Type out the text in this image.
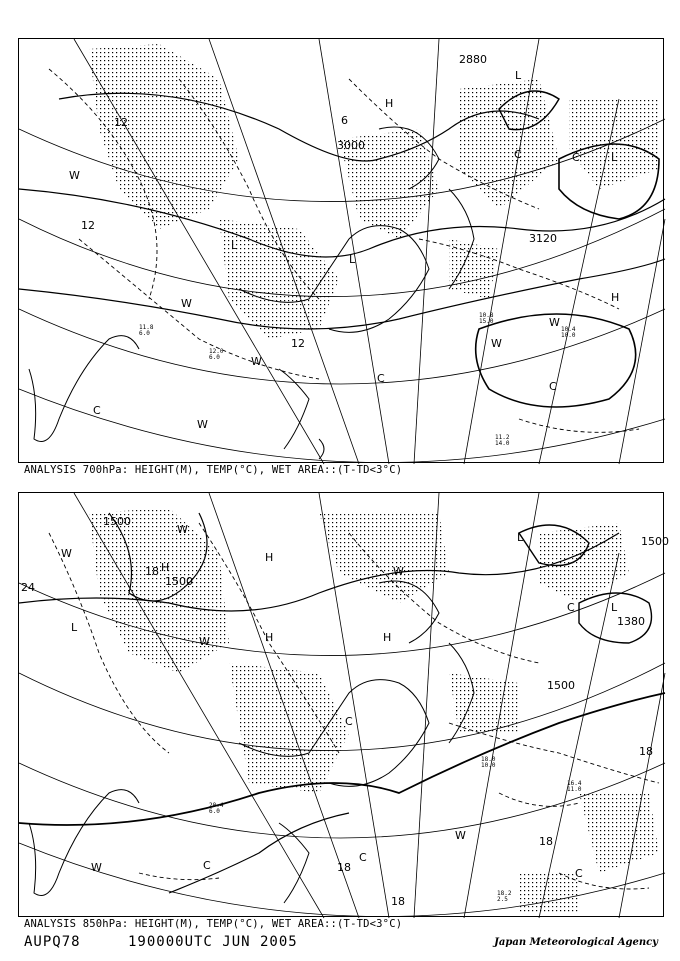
3000
2880
3120
12
12
6
12
L
L
L
L
W
W
W
W
W
W
C
C
C
C	C
H
H
11.2 14.0
10.8 15.0
10.4 10.0
11.8 6.0
12.0 6.0
ANALYSIS 700hPa: HEIGHT(M), TEMP(°C), WET AREA::(T-TD<3°C)
1500
1500
1500
1500
1380
18
18
18
18
24
18
L
L
L
W
W
W
W
W
W
C
C
C
C
C
H
H
H	H
18.2 2.5
16.4 11.0
18.0 10.0
20.4 6.0
ANALYSIS 850hPa: HEIGHT(M), TEMP(°C), WET AREA::(T-TD<3°C)
AUPQ78	190000UTC JUN 2005	Japan Meteorological Agency
